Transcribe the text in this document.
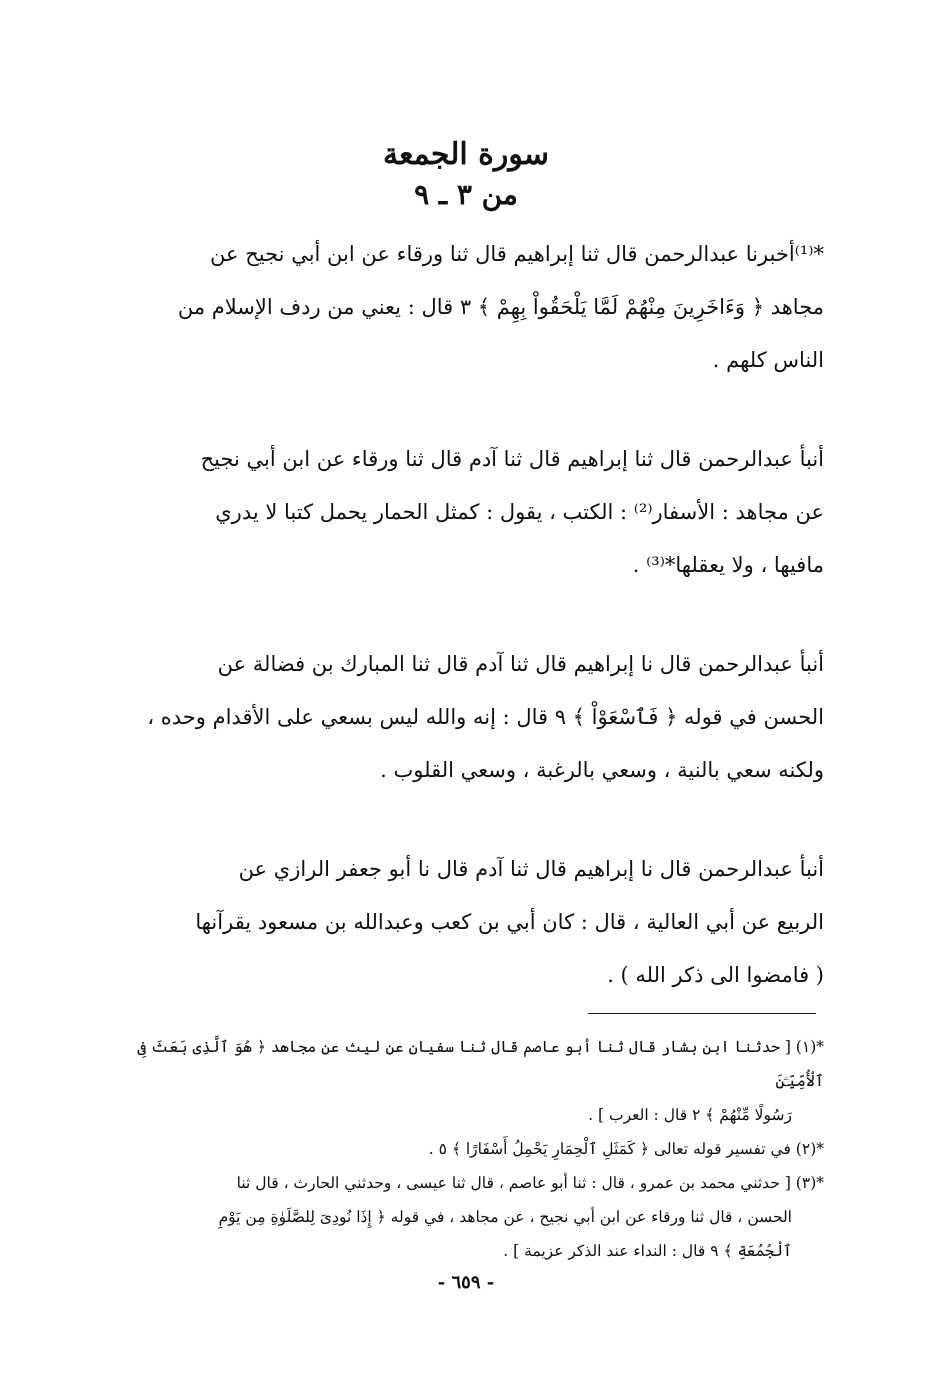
سورة الجمعة
من ٣ ـ ٩

*⁽¹⁾أخبرنا عبدالرحمن قال ثنا إبراهيم قال ثنا ورقاء عن ابن أبي نجيح عن

مجاهد ﴿ وَءَاخَرِينَ مِنْهُمْ لَمَّا يَلْحَقُواْ بِهِمْ ﴾ ٣ قال : يعني من ردف الإسلام من

الناس كلهم .

أنبأ عبدالرحمن قال ثنا إبراهيم قال ثنا آدم قال ثنا ورقاء عن ابن أبي نجيح

عن مجاهد : الأسفار⁽²⁾ : الكتب ، يقول : كمثل الحمار يحمل كتبا لا يدري

مافيها ، ولا يعقلها*⁽³⁾ .

أنبأ عبدالرحمن قال نا إبراهيم قال ثنا آدم قال ثنا المبارك بن فضالة عن

الحسن في قوله ﴿ فَٱسْعَوْاْ ﴾ ٩ قال : إنه والله ليس بسعي على الأقدام وحده ،

ولكنه سعي بالنية ، وسعي بالرغبة ، وسعي القلوب .

أنبأ عبدالرحمن قال نا إبراهيم قال ثنا آدم قال نا أبو جعفر الرازي عن

الربيع عن أبي العالية ، قال : كان أبي بن كعب وعبدالله بن مسعود يقرآنها

( فامضوا الى ذكر الله ) .

*(١) [ حدثنا ابن بشار قال ثنا أبو عاصم قال ثنا سفيان عن ليث عن مجاهد ﴿ هُوَ ٱلَّذِى بَعَثَ فِى ٱلْأُمِّيِّـۧنَ

رَسُولًا مِّنْهُمْ ﴾ ٢ قال : العرب ] .

*(٢) في تفسير قوله تعالى ﴿ كَمَثَلِ ٱلْحِمَارِ يَحْمِلُ أَسْفَارًا ﴾ ٥ .

*(٣) [ حدثني محمد بن عمرو ، قال : ثنا أبو عاصم ، قال ثنا عيسى ، وحدثني الحارث ، قال ثنا

الحسن ، قال ثنا ورقاء عن ابن أبي نجيح ، عن مجاهد ، في قوله ﴿ إِذَا نُودِىَ لِلصَّلَوٰةِ مِن يَوْمِ

ٱلْجُمُعَةِ ﴾ ٩ قال : النداء عند الذكر عزيمة ] .

- ٦٥٩ -
